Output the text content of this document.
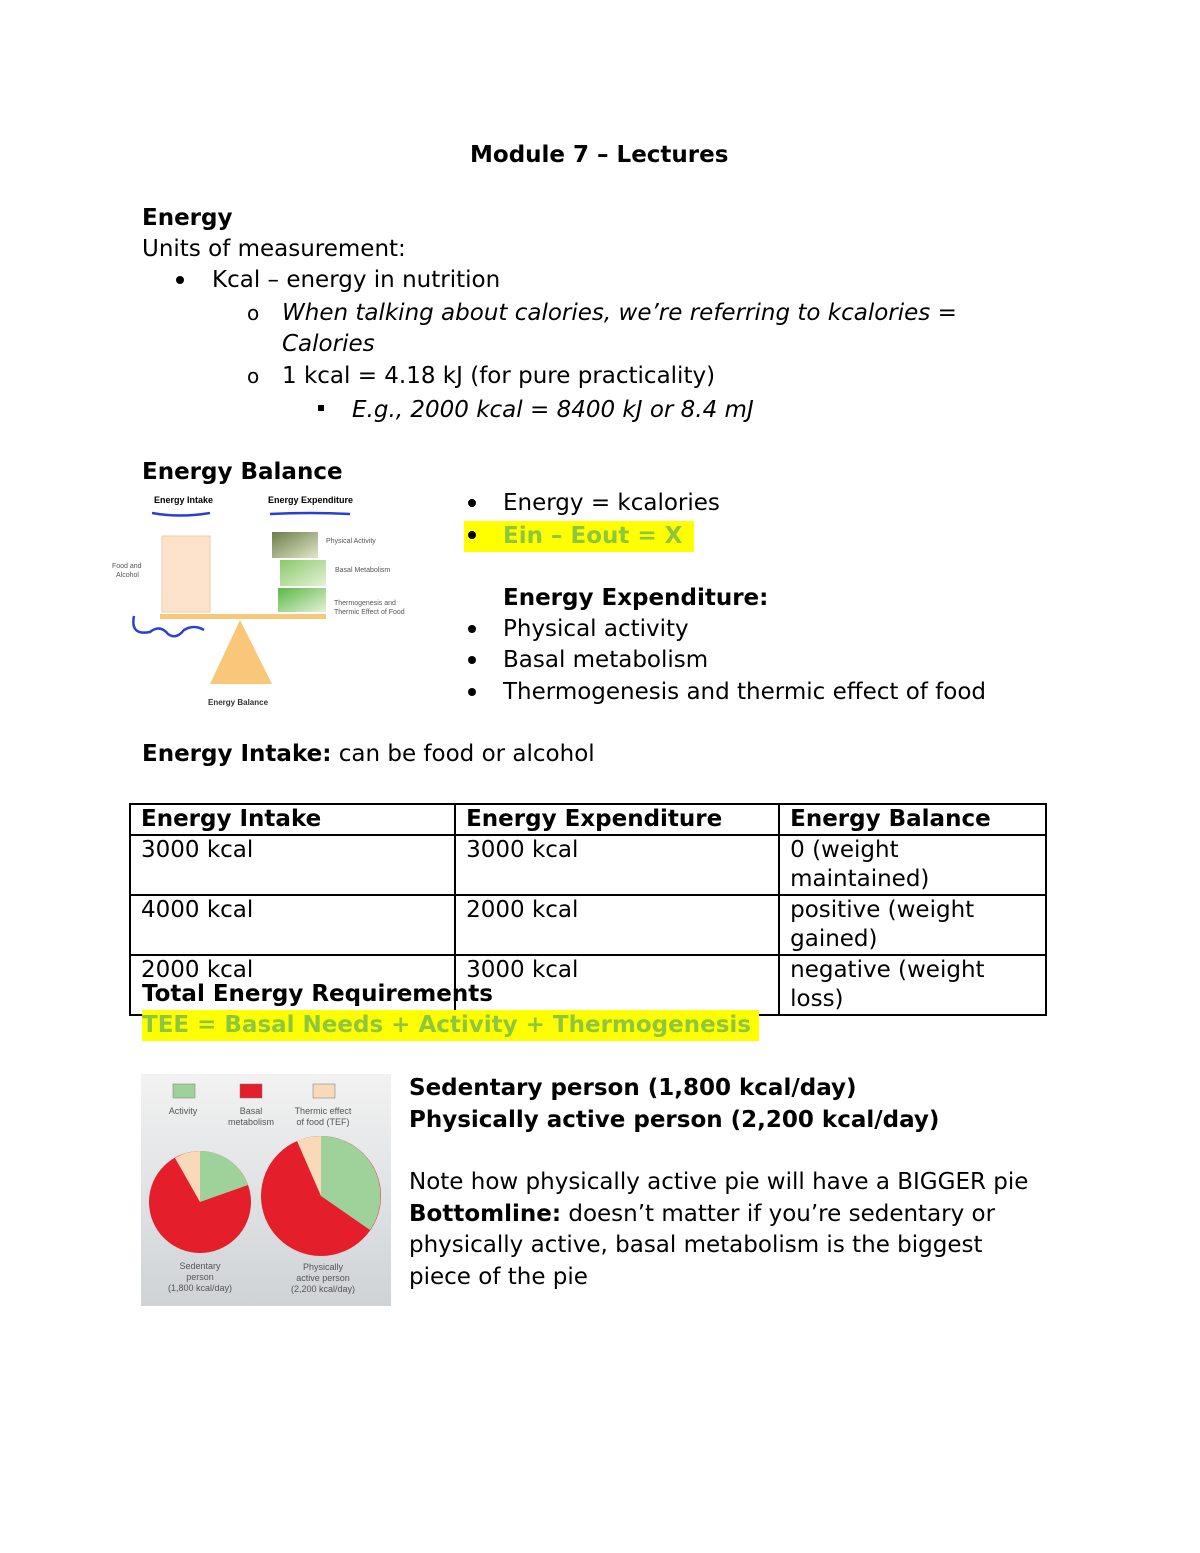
Module 7 – Lectures
Energy
Units of measurement:
Kcal – energy in nutrition
o When talking about calories, we’re referring to kcalories =
Calories
o 1 kcal = 4.18 kJ (for pure practicality)
E.g., 2000 kcal = 8400 kJ or 8.4 mJ
Energy Balance
Energy Intake	Energy Expenditure
Food and
Alcohol
Physical Activity
Basal Metabolism
Thermogenesis and
Thermic Effect of Food
Energy Balance
Energy = kcalories
Ein – Eout = X
Energy Expenditure:
Physical activity
Basal metabolism
Thermogenesis and thermic effect of food
Energy Intake: can be food or alcohol
Energy Intake	Energy Expenditure	Energy Balance
3000 kcal	3000 kcal	0 (weight maintained)
4000 kcal	2000 kcal	positive (weight gained)
2000 kcal	3000 kcal	negative (weight loss)
Total Energy Requirements
TEE = Basal Needs + Activity + Thermogenesis
Activity	Basal
metabolism
Thermic effect
of food (TEF)
Sedentary
person
(1,800 kcal/day)
Physically
active person
(2,200 kcal/day)
Sedentary person (1,800 kcal/day)
Physically active person (2,200 kcal/day)
Note how physically active pie will have a BIGGER pie
Bottomline: doesn’t matter if you’re sedentary or
physically active, basal metabolism is the biggest
piece of the pie
